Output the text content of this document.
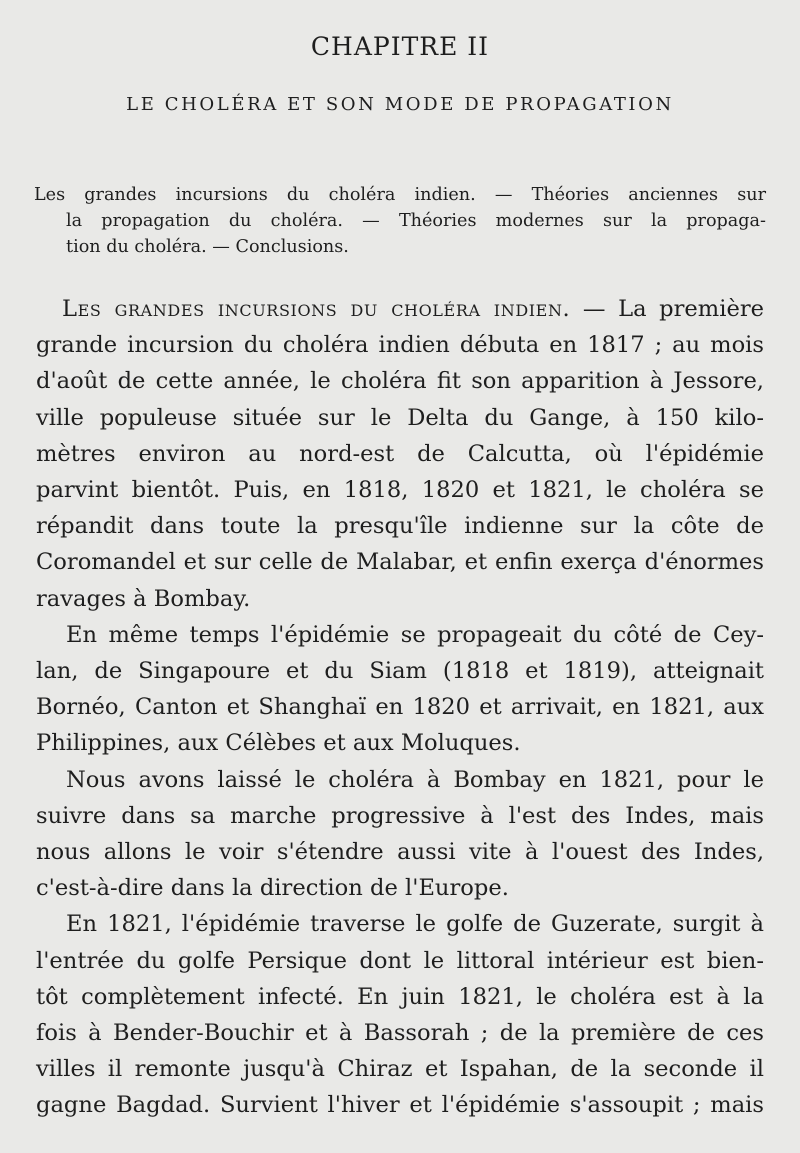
CHAPITRE II
LE CHOLÉRA ET SON MODE DE PROPAGATION

Les grandes incursions du choléra indien. — Théories anciennes sur
la propagation du choléra. — Théories modernes sur la propaga-
tion du choléra. — Conclusions.

Les grandes incursions du choléra indien. — La première
grande incursion du choléra indien débuta en 1817 ; au mois
d'août de cette année, le choléra fit son apparition à Jessore,
ville populeuse située sur le Delta du Gange, à 150 kilo-
mètres environ au nord-est de Calcutta, où l'épidémie
parvint bientôt. Puis, en 1818, 1820 et 1821, le choléra se
répandit dans toute la presqu'île indienne sur la côte de
Coromandel et sur celle de Malabar, et enfin exerça d'énormes
ravages à Bombay.

En même temps l'épidémie se propageait du côté de Cey-
lan, de Singapoure et du Siam (1818 et 1819), atteignait
Bornéo, Canton et Shanghaï en 1820 et arrivait, en 1821, aux
Philippines, aux Célèbes et aux Moluques.

Nous avons laissé le choléra à Bombay en 1821, pour le
suivre dans sa marche progressive à l'est des Indes, mais
nous allons le voir s'étendre aussi vite à l'ouest des Indes,
c'est-à-dire dans la direction de l'Europe.

En 1821, l'épidémie traverse le golfe de Guzerate, surgit à
l'entrée du golfe Persique dont le littoral intérieur est bien-
tôt complètement infecté. En juin 1821, le choléra est à la
fois à Bender-Bouchir et à Bassorah ; de la première de ces
villes il remonte jusqu'à Chiraz et Ispahan, de la seconde il
gagne Bagdad. Survient l'hiver et l'épidémie s'assoupit ; mais
